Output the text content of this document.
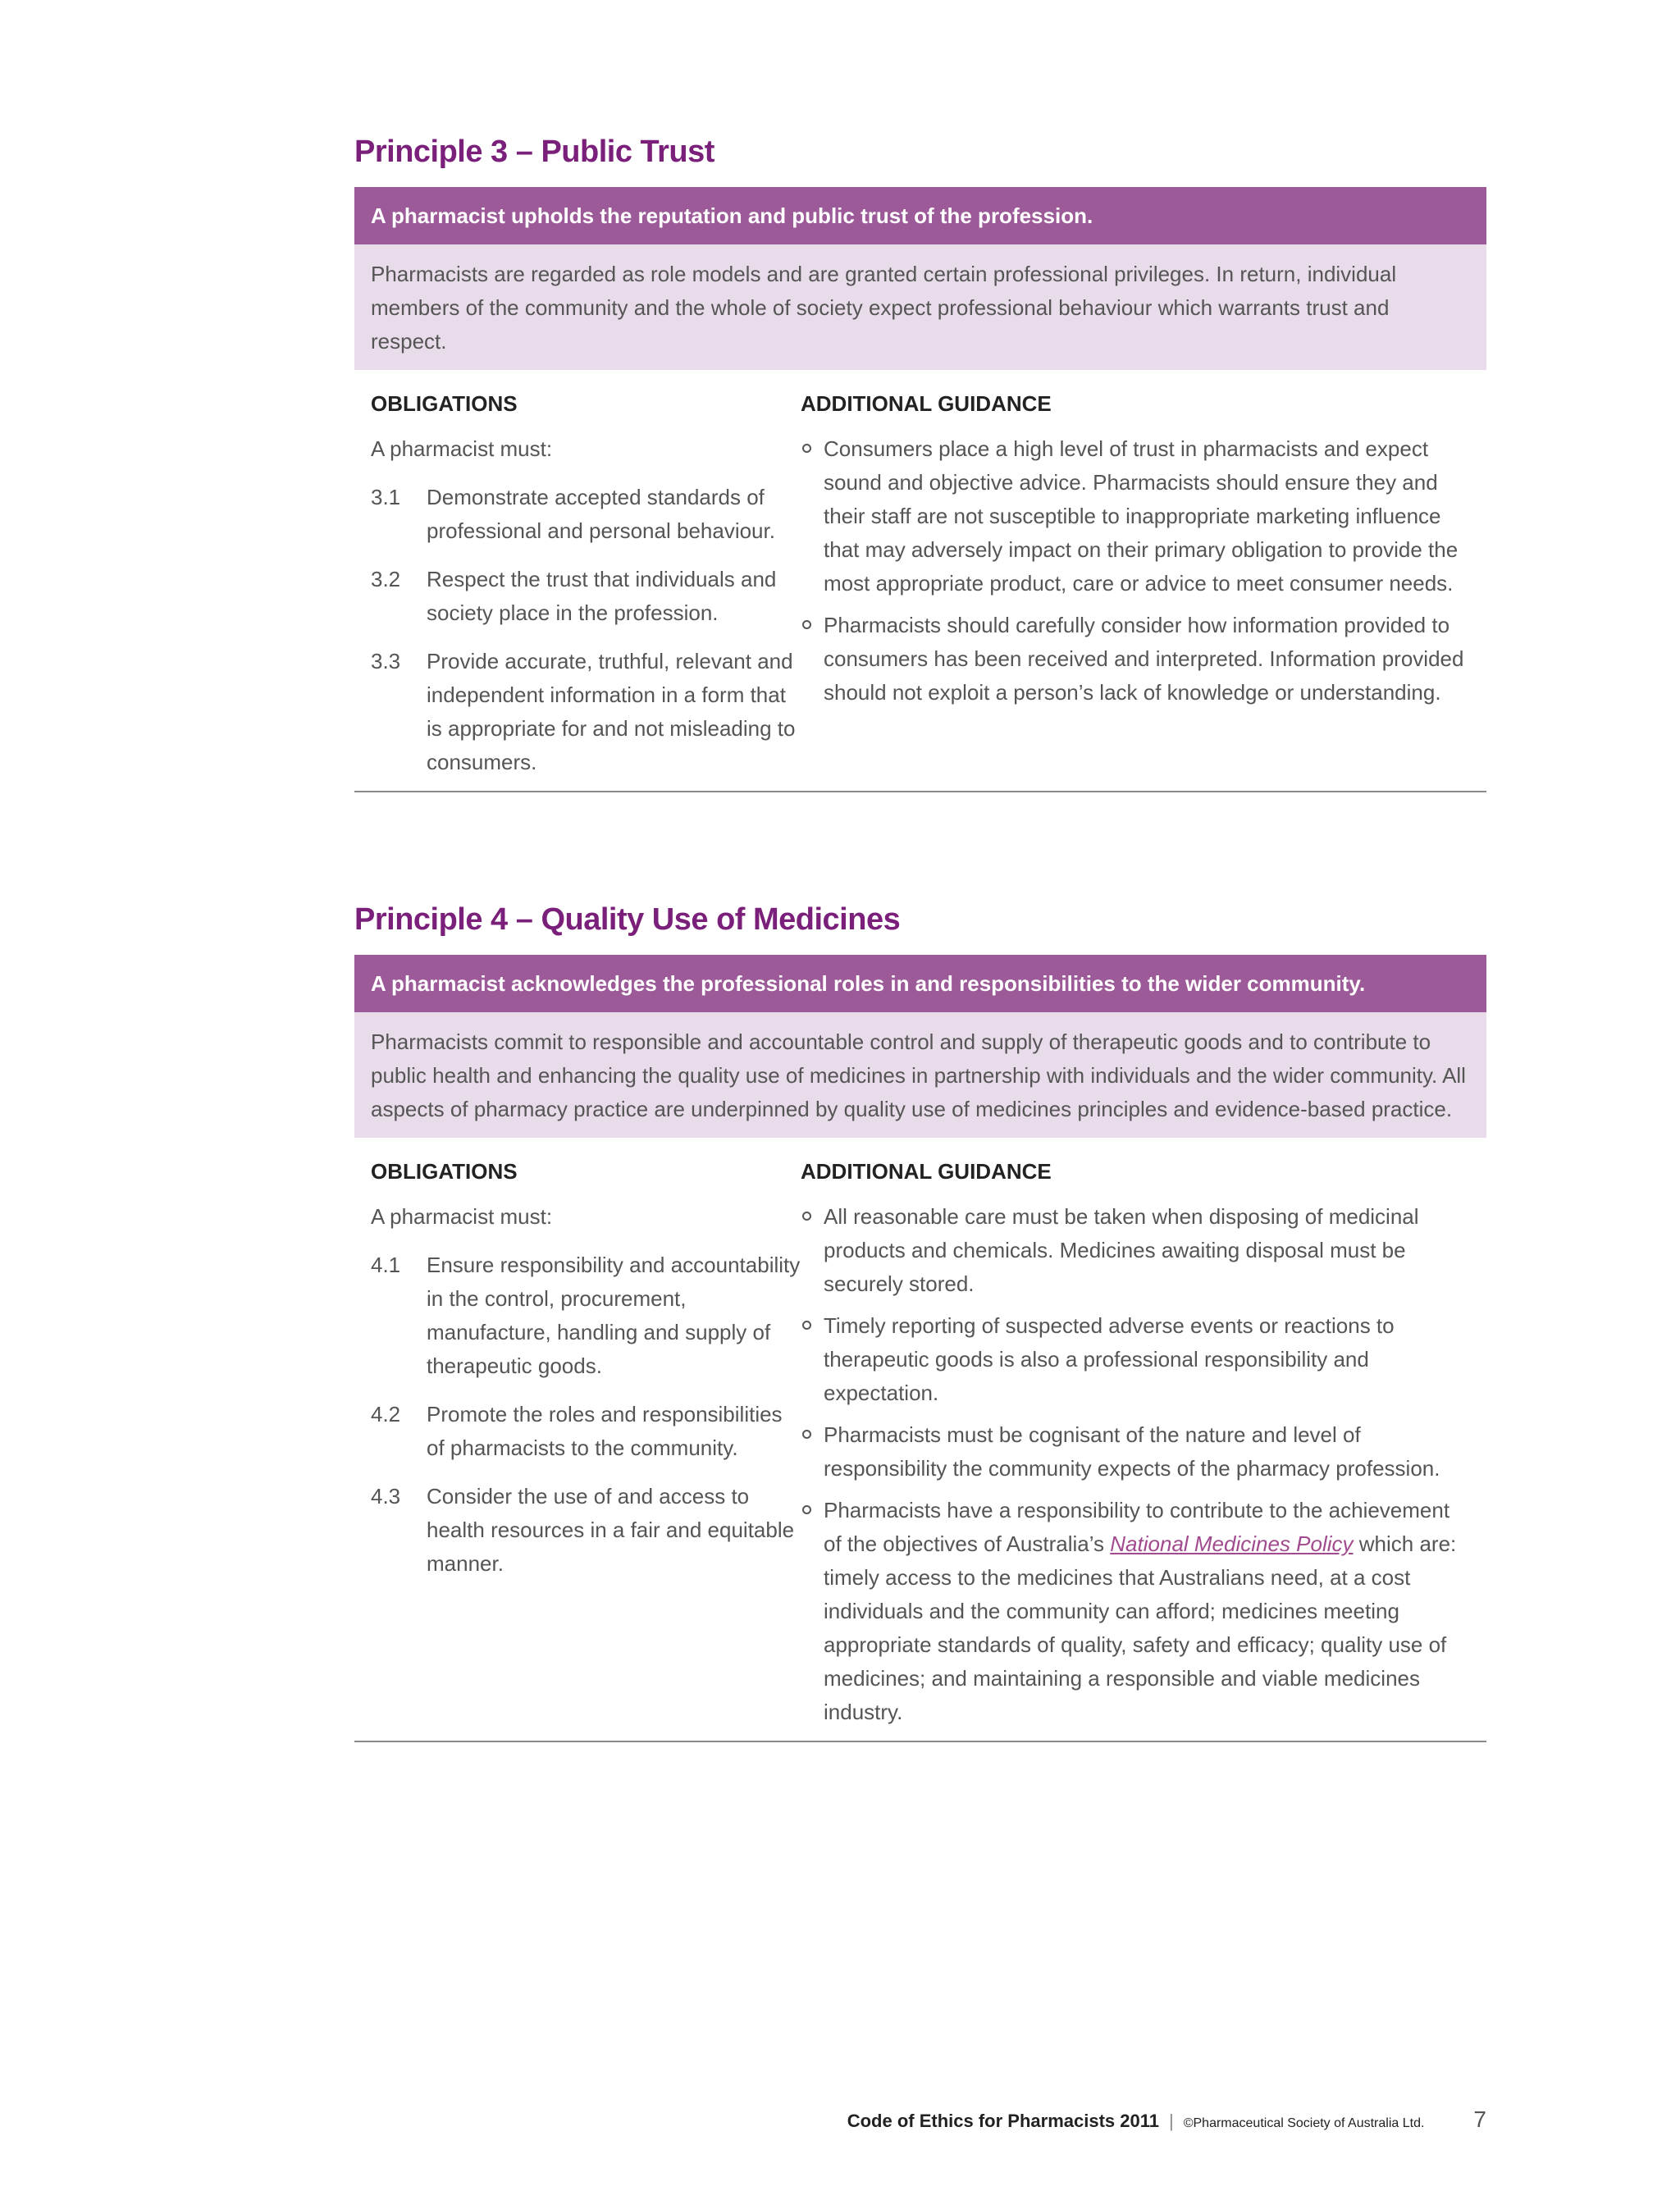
Principle 3 – Public Trust
A pharmacist upholds the reputation and public trust of the profession.
Pharmacists are regarded as role models and are granted certain professional privileges. In return, individual members of the community and the whole of society expect professional behaviour which warrants trust and respect.
OBLIGATIONS
A pharmacist must:
3.1	Demonstrate accepted standards of professional and personal behaviour.
3.2	Respect the trust that individuals and society place in the profession.
3.3	Provide accurate, truthful, relevant and independent information in a form that is appropriate for and not misleading to consumers.
ADDITIONAL GUIDANCE
Consumers place a high level of trust in pharmacists and expect sound and objective advice. Pharmacists should ensure they and their staff are not susceptible to inappropriate marketing influence that may adversely impact on their primary obligation to provide the most appropriate product, care or advice to meet consumer needs.
Pharmacists should carefully consider how information provided to consumers has been received and interpreted. Information provided should not exploit a person’s lack of knowledge or understanding.
Principle 4 – Quality Use of Medicines
A pharmacist acknowledges the professional roles in and responsibilities to the wider community.
Pharmacists commit to responsible and accountable control and supply of therapeutic goods and to contribute to public health and enhancing the quality use of medicines in partnership with individuals and the wider community. All aspects of pharmacy practice are underpinned by quality use of medicines principles and evidence-based practice.
OBLIGATIONS
A pharmacist must:
4.1	Ensure responsibility and accountability in the control, procurement, manufacture, handling and supply of therapeutic goods.
4.2	Promote the roles and responsibilities of pharmacists to the community.
4.3	Consider the use of and access to health resources in a fair and equitable manner.
ADDITIONAL GUIDANCE
All reasonable care must be taken when disposing of medicinal products and chemicals. Medicines awaiting disposal must be securely stored.
Timely reporting of suspected adverse events or reactions to therapeutic goods is also a professional responsibility and expectation.
Pharmacists must be cognisant of the nature and level of responsibility the community expects of the pharmacy profession.
Pharmacists have a responsibility to contribute to the achievement of the objectives of Australia’s National Medicines Policy which are: timely access to the medicines that Australians need, at a cost individuals and the community can afford; medicines meeting appropriate standards of quality, safety and efficacy; quality use of medicines; and maintaining a responsible and viable medicines industry.
Code of Ethics for Pharmacists 2011 | ©Pharmaceutical Society of Australia Ltd. 7
